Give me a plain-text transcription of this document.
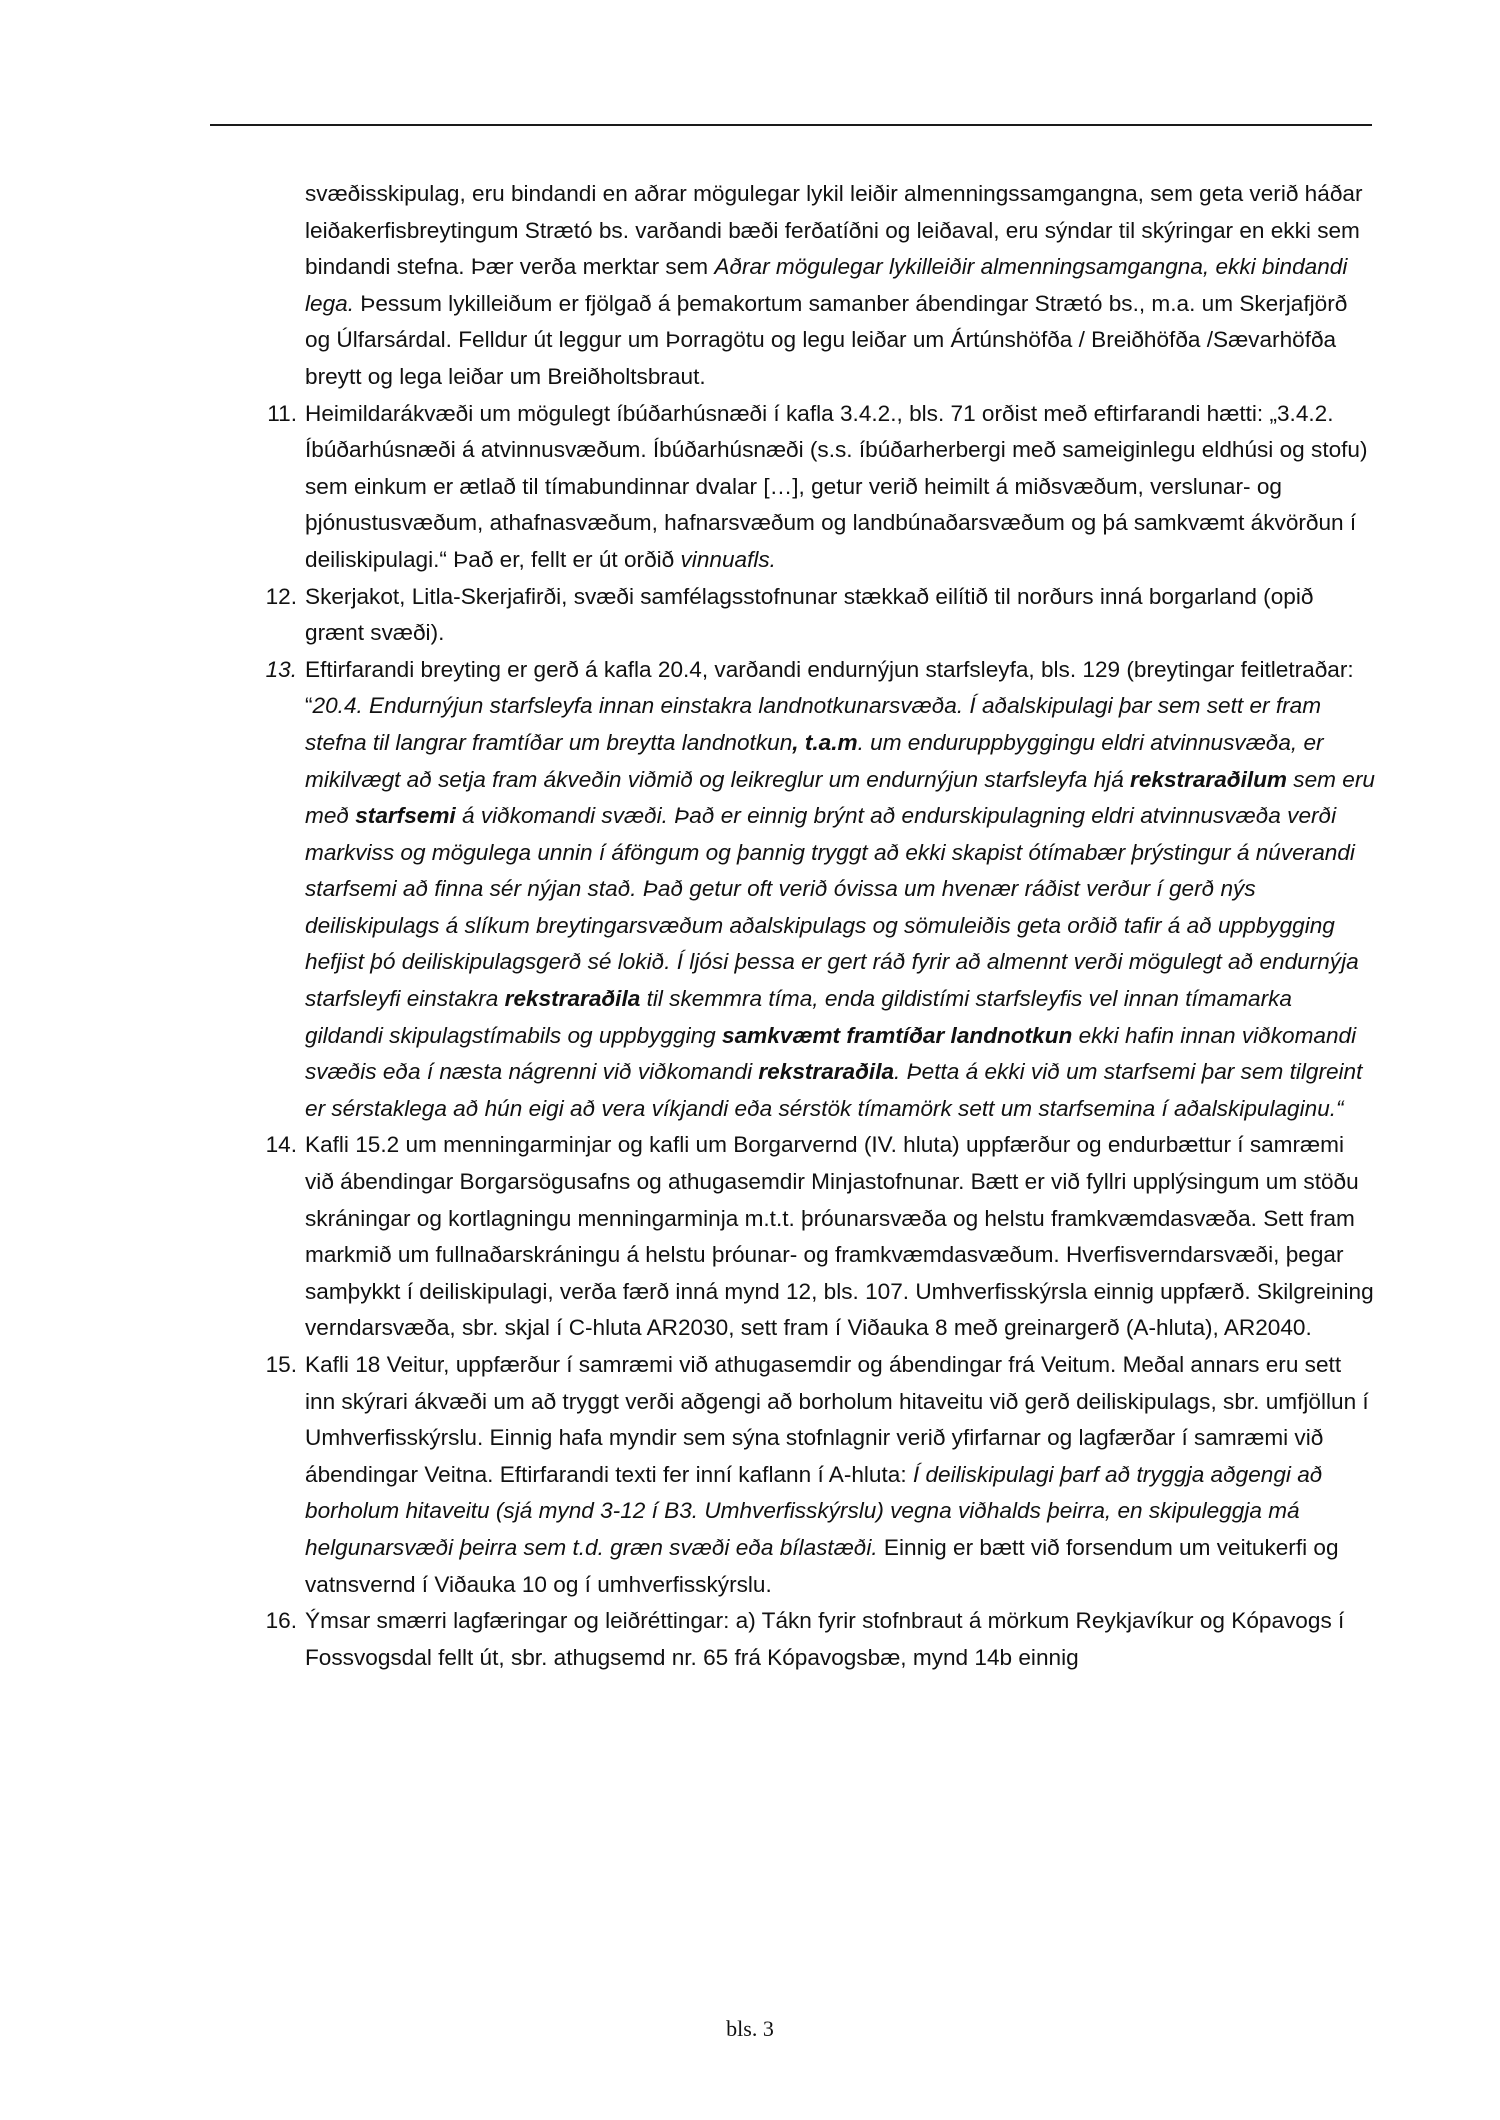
svæðisskipulag, eru bindandi en aðrar mögulegar lykil leiðir almenningssamgangna, sem geta verið háðar leiðakerfisbreytingum Strætó bs. varðandi bæði ferðatíðni og leiðaval, eru sýndar til skýringar en ekki sem bindandi stefna. Þær verða merktar sem Aðrar mögulegar lykilleiðir almenningsamgangna, ekki bindandi lega. Þessum lykilleiðum er fjölgað á þemakortum samanber ábendingar Strætó bs., m.a. um Skerjafjörð og Úlfarsárdal. Felldur út leggur um Þorragötu og legu leiðar um Ártúnshöfða / Breiðhöfða /Sævarhöfða breytt og lega leiðar um Breiðholtsbraut.

11. Heimildarákvæði um mögulegt íbúðarhúsnæði í kafla 3.4.2., bls. 71 orðist með eftirfarandi hætti: „3.4.2. Íbúðarhúsnæði á atvinnusvæðum. Íbúðarhúsnæði (s.s. íbúðarherbergi með sameiginlegu eldhúsi og stofu) sem einkum er ætlað til tímabundinnar dvalar […], getur verið heimilt á miðsvæðum, verslunar- og þjónustusvæðum, athafnasvæðum, hafnarsvæðum og landbúnaðarsvæðum og þá samkvæmt ákvörðun í deiliskipulagi.“ Það er, fellt er út orðið vinnuafls.

12. Skerjakot, Litla-Skerjafirði, svæði samfélagsstofnunar stækkað eilítið til norðurs inná borgarland (opið grænt svæði).

13. Eftirfarandi breyting er gerð á kafla 20.4, varðandi endurnýjun starfsleyfa, bls. 129 (breytingar feitletraðar: “20.4. Endurnýjun starfsleyfa innan einstakra landnotkunarsvæða. Í aðalskipulagi þar sem sett er fram stefna til langrar framtíðar um breytta landnotkun, t.a.m. um enduruppbyggingu eldri atvinnusvæða, er mikilvægt að setja fram ákveðin viðmið og leikreglur um endurnýjun starfsleyfa hjá rekstraraðilum sem eru með starfsemi á viðkomandi svæði. Það er einnig brýnt að endurskipulagning eldri atvinnusvæða verði markviss og mögulega unnin í áföngum og þannig tryggt að ekki skapist ótímabær þrýstingur á núverandi starfsemi að finna sér nýjan stað. Það getur oft verið óvissa um hvenær ráðist verður í gerð nýs deiliskipulags á slíkum breytingarsvæðum aðalskipulags og sömuleiðis geta orðið tafir á að uppbygging hefjist þó deiliskipulagsgerð sé lokið. Í ljósi þessa er gert ráð fyrir að almennt verði mögulegt að endurnýja starfsleyfi einstakra rekstraraðila til skemmra tíma, enda gildistími starfsleyfis vel innan tímamarka gildandi skipulagstímabils og uppbygging samkvæmt framtíðar landnotkun ekki hafin innan viðkomandi svæðis eða í næsta nágrenni við viðkomandi rekstraraðila. Þetta á ekki við um starfsemi þar sem tilgreint er sérstaklega að hún eigi að vera víkjandi eða sérstök tímamörk sett um starfsemina í aðalskipulaginu.“

14. Kafli 15.2 um menningarminjar og kafli um Borgarvernd (IV. hluta) uppfærður og endurbættur í samræmi við ábendingar Borgarsögusafns og athugasemdir Minjastofnunar. Bætt er við fyllri upplýsingum um stöðu skráningar og kortlagningu menningarminja m.t.t. þróunarsvæða og helstu framkvæmdasvæða. Sett fram markmið um fullnaðarskráningu á helstu þróunar- og framkvæmdasvæðum. Hverfisverndarsvæði, þegar samþykkt í deiliskipulagi, verða færð inná mynd 12, bls. 107. Umhverfisskýrsla einnig uppfærð. Skilgreining verndarsvæða, sbr. skjal í C-hluta AR2030, sett fram í Viðauka 8 með greinargerð (A-hluta), AR2040.

15. Kafli 18 Veitur, uppfærður í samræmi við athugasemdir og ábendingar frá Veitum. Meðal annars eru sett inn skýrari ákvæði um að tryggt verði aðgengi að borholum hitaveitu við gerð deiliskipulags, sbr. umfjöllun í Umhverfisskýrslu. Einnig hafa myndir sem sýna stofnlagnir verið yfirfarnar og lagfærðar í samræmi við ábendingar Veitna. Eftirfarandi texti fer inní kaflann í A-hluta: Í deiliskipulagi þarf að tryggja aðgengi að borholum hitaveitu (sjá mynd 3-12 í B3. Umhverfisskýrslu) vegna viðhalds þeirra, en skipuleggja má helgunarsvæði þeirra sem t.d. græn svæði eða bílastæði. Einnig er bætt við forsendum um veitukerfi og vatnsvernd í Viðauka 10 og í umhverfisskýrslu.

16. Ýmsar smærri lagfæringar og leiðréttingar: a) Tákn fyrir stofnbraut á mörkum Reykjavíkur og Kópavogs í Fossvogsdal fellt út, sbr. athugsemd nr. 65 frá Kópavogsbæ, mynd 14b einnig

bls. 3
